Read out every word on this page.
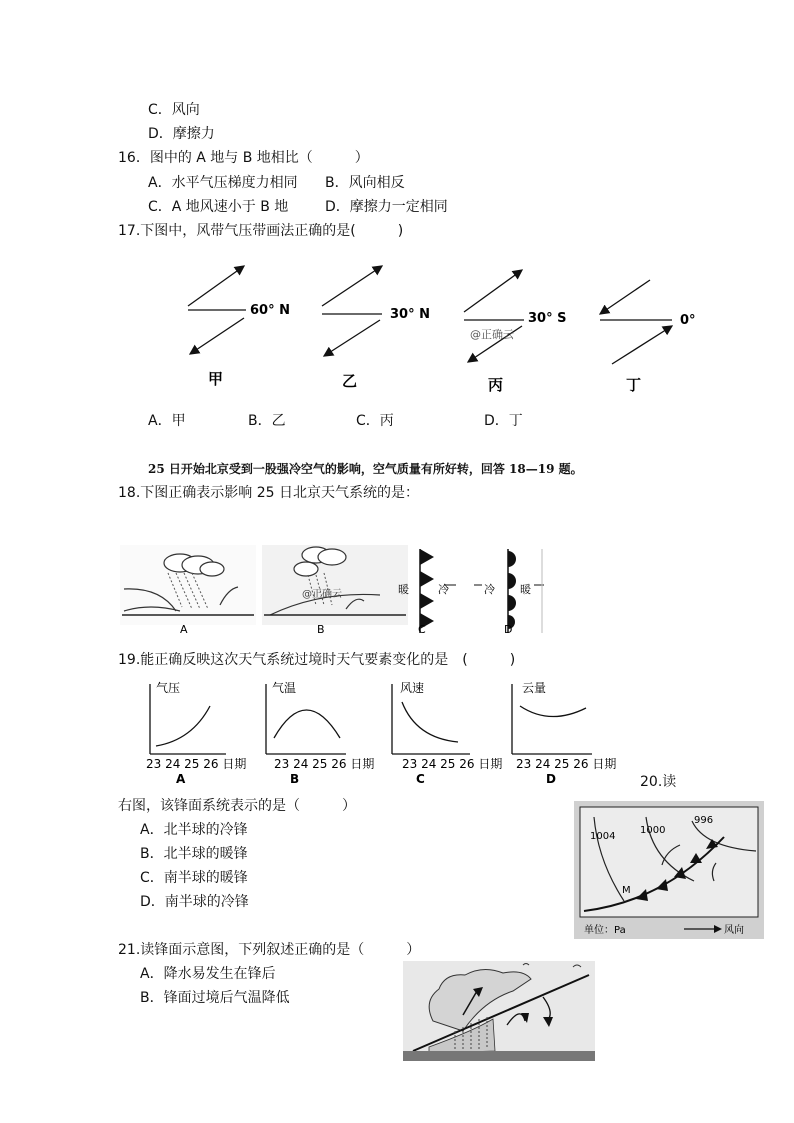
C．风向
D．摩擦力
16．图中的 A 地与 B 地相比（　　　）
A．水平气压梯度力相同 B．风向相反
C．A 地风速小于 B 地	D．摩擦力一定相同
17.下图中，风带气压带画法正确的是(　　　)
60° N
甲
30° N
乙
30° S
@正确云
丙
0°
丁
A．甲	B．乙	C．丙	D．丁
25 日开始北京受到一股强冷空气的影响，空气质量有所好转，回答 18—19 题。
18.下图正确表示影响 25 日北京天气系统的是：
A
@正确云
B
暖	冷
C
冷 暖
D
19.能正确反映这次天气系统过境时天气要素变化的是　(　　　)
气压
23 24 25 26 日期
A
气温
23 24 25 26 日期
B
风速
23 24 25 26 日期
C
云量
23 24 25 26 日期
D	20.读
右图，该锋面系统表示的是（　　　）
A．北半球的冷锋
B．北半球的暖锋
C．南半球的暖锋
D．南半球的冷锋
1004
1000
996
M
单位：Pa	风向
21.读锋面示意图，下列叙述正确的是（　　　）
A．降水易发生在锋后
B．锋面过境后气温降低
